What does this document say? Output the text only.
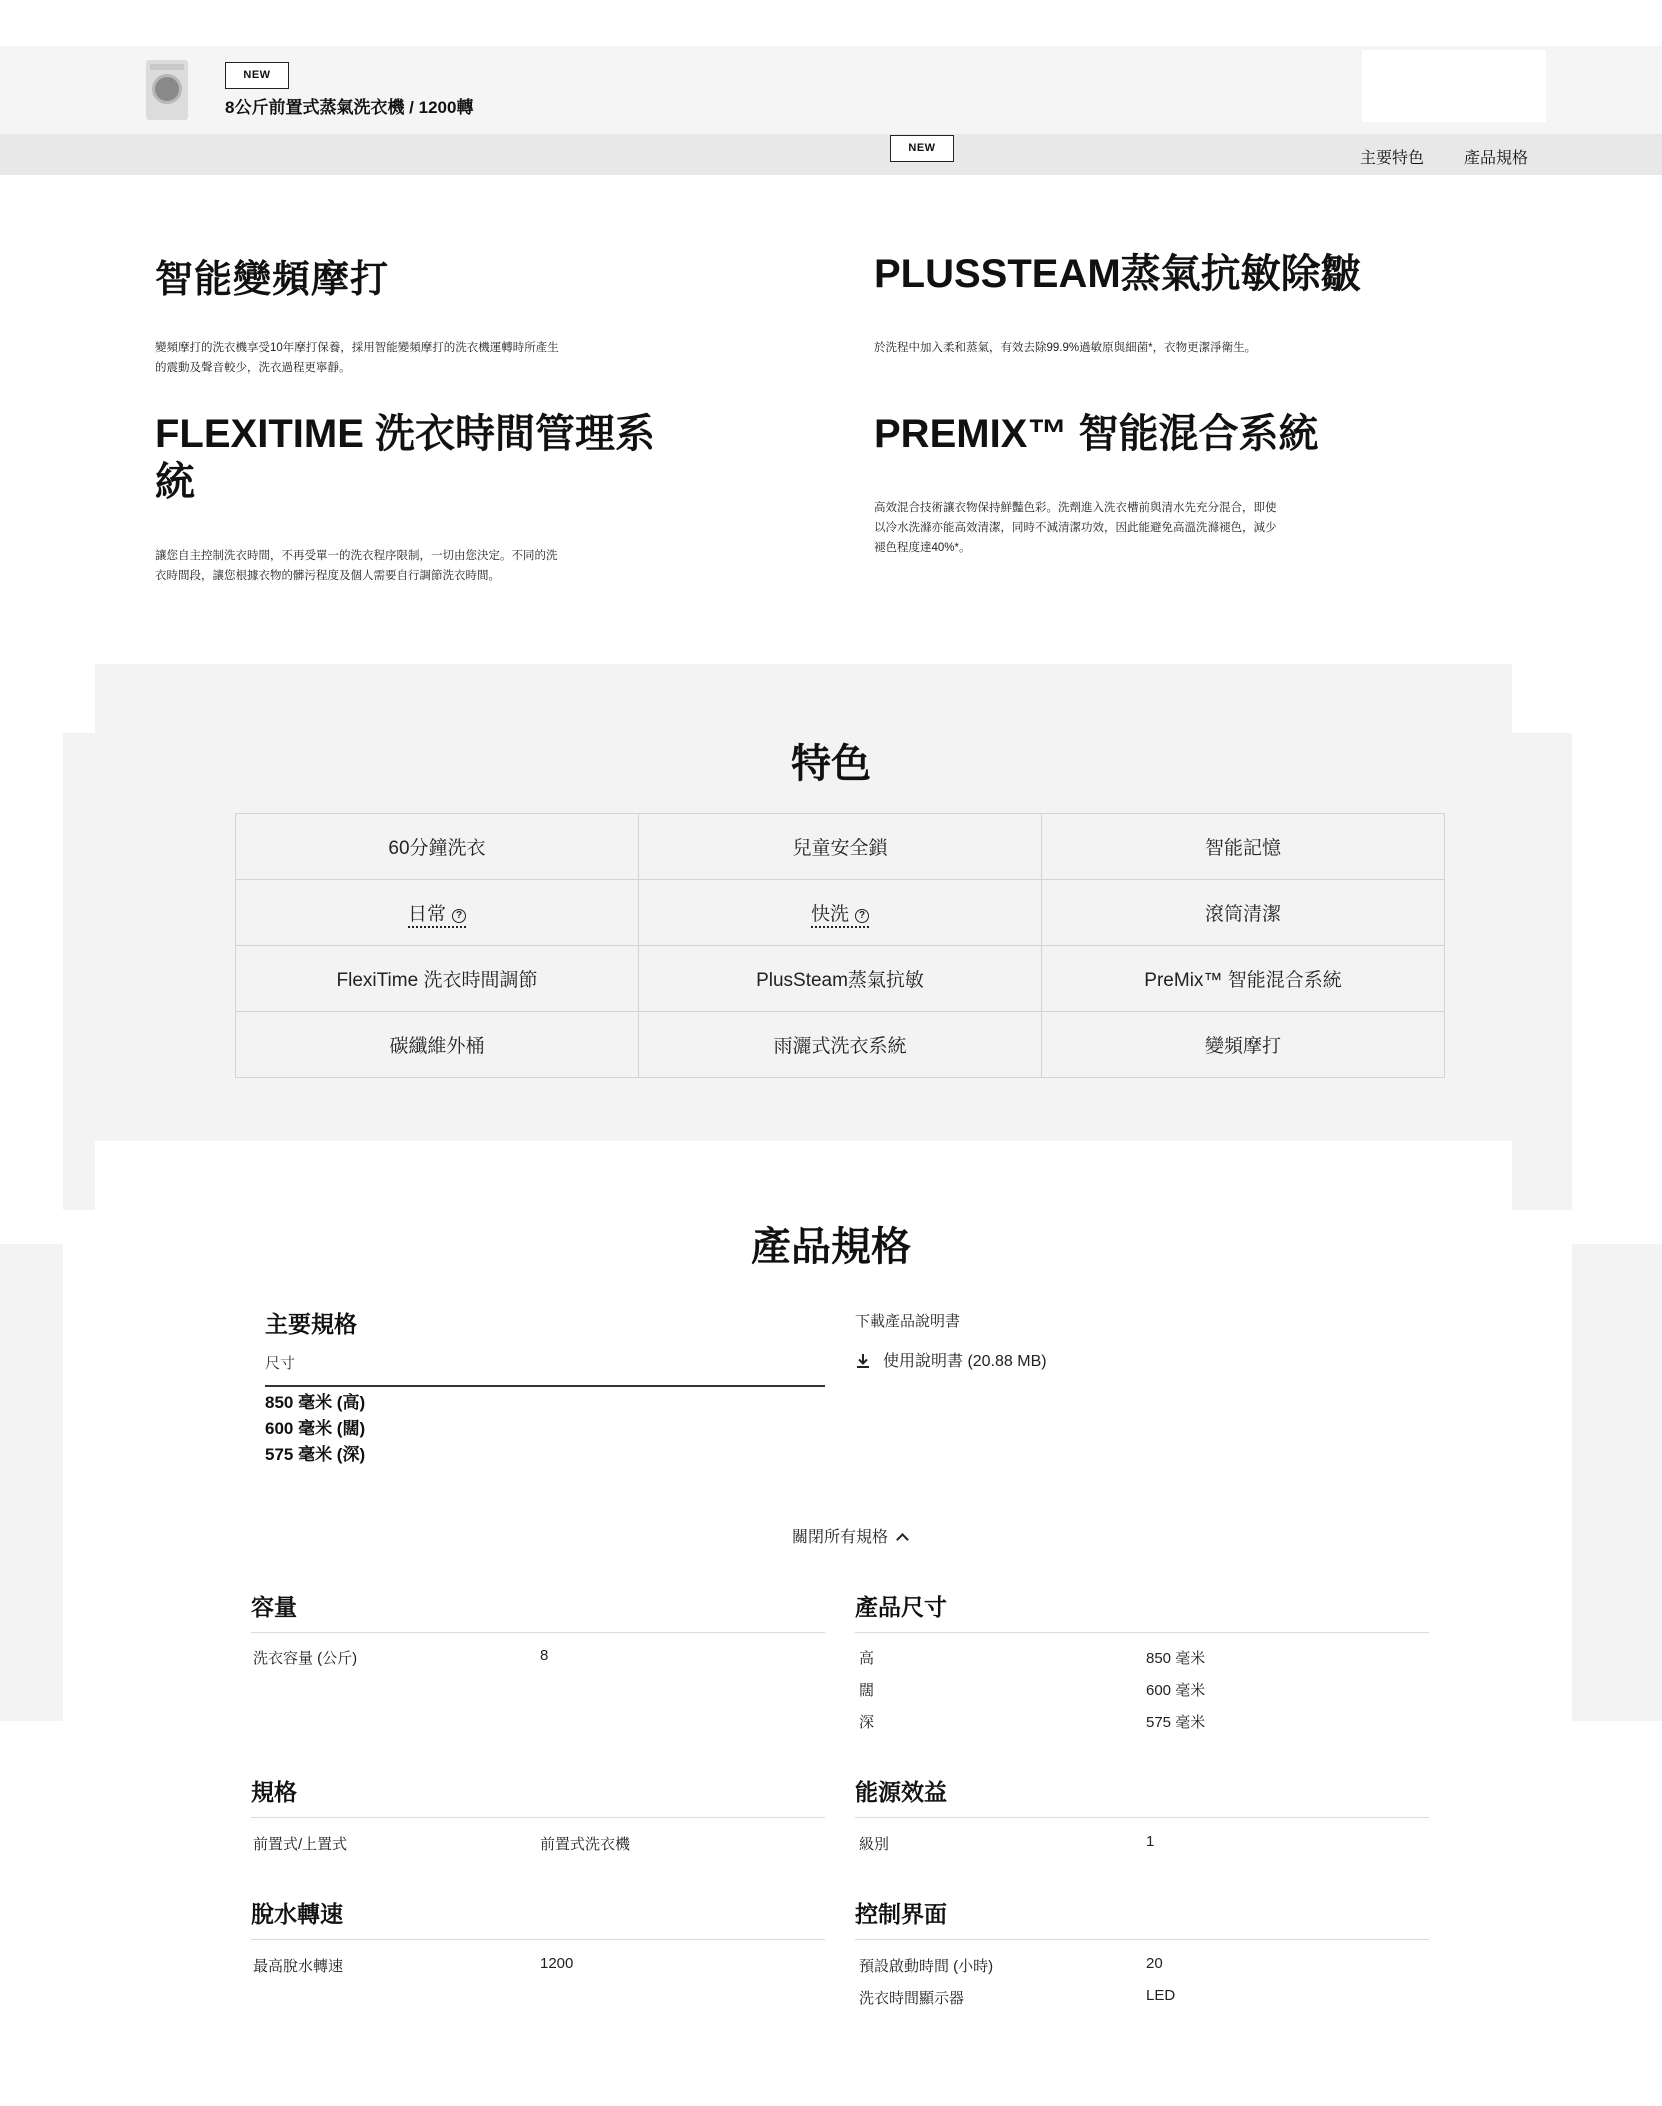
NEW
8公斤前置式蒸氣洗衣機 / 1200轉
NEW
主要特色 產品規格
智能變頻摩打
變頻摩打的洗衣機享受10年摩打保養，採用智能變頻摩打的洗衣機運轉時所產生
的震動及聲音較少，洗衣過程更寧靜。
PLUSSTEAM蒸氣抗敏除皺
於洗程中加入柔和蒸氣，有效去除99.9%過敏原與細菌*，衣物更潔淨衛生。
FLEXITIME 洗衣時間管理系
統
讓您自主控制洗衣時間，不再受單一的洗衣程序限制，一切由您決定。不同的洗
衣時間段，讓您根據衣物的髒污程度及個人需要自行調節洗衣時間。
PREMIX™ 智能混合系統
高效混合技術讓衣物保持鮮豔色彩。洗劑進入洗衣槽前與清水先充分混合，即使
以冷水洗滌亦能高效清潔，同時不減清潔功效，因此能避免高溫洗滌褪色，減少
褪色程度達40%*。
特色
60分鐘洗衣	兒童安全鎖	智能記憶
日常 ?	快洗 ?	滾筒清潔
FlexiTime 洗衣時間調節	PlusSteam蒸氣抗敏	PreMix™ 智能混合系統
碳纖維外桶	雨灑式洗衣系統	變頻摩打
產品規格
主要規格
尺寸
850 毫米 (高)
600 毫米 (闊)
575 毫米 (深)
下載產品說明書
使用說明書 (20.88 MB)
關閉所有規格
容量
洗衣容量 (公斤)	8
產品尺寸
高	850 毫米
闊	600 毫米
深	575 毫米
規格
前置式/上置式	前置式洗衣機
能源效益
級別	1
脫水轉速
最高脫水轉速	1200
控制界面
預設啟動時間 (小時)	20
洗衣時間顯示器	LED
